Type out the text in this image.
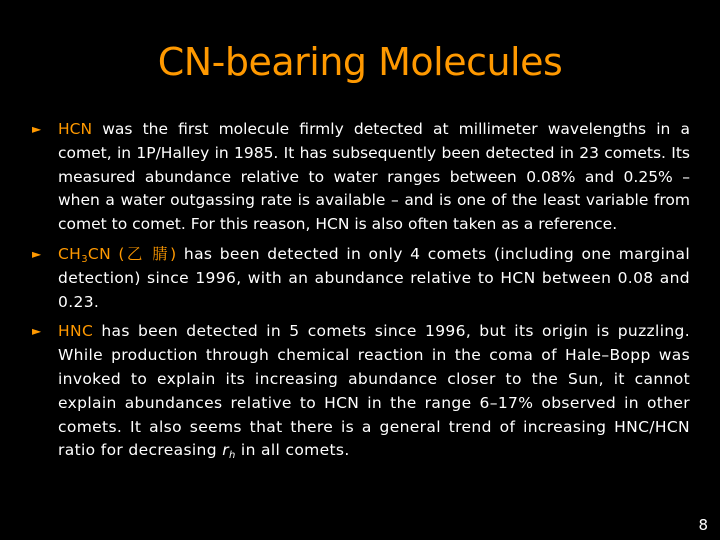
CN-bearing Molecules
► HCN was the first molecule firmly detected at millimeter wavelengths in a comet, in 1P/Halley in 1985. It has subsequently been detected in 23 comets. Its measured abundance relative to water ranges between 0.08% and 0.25% – when a water outgassing rate is available – and is one of the least variable from comet to comet. For this reason, HCN is also often taken as a reference.
► $CH_3CN$ (乙 腈) has been detected in only 4 comets (including one marginal detection) since 1996, with an abundance relative to HCN between 0.08 and 0.23.
► HNC has been detected in 5 comets since 1996, but its origin is puzzling. While production through chemical reaction in the coma of Hale–Bopp was invoked to explain its increasing abundance closer to the Sun, it cannot explain abundances relative to HCN in the range 6–17% observed in other comets. It also seems that there is a general trend of increasing HNC/HCN ratio for decreasing $r_h$ in all comets.
8
